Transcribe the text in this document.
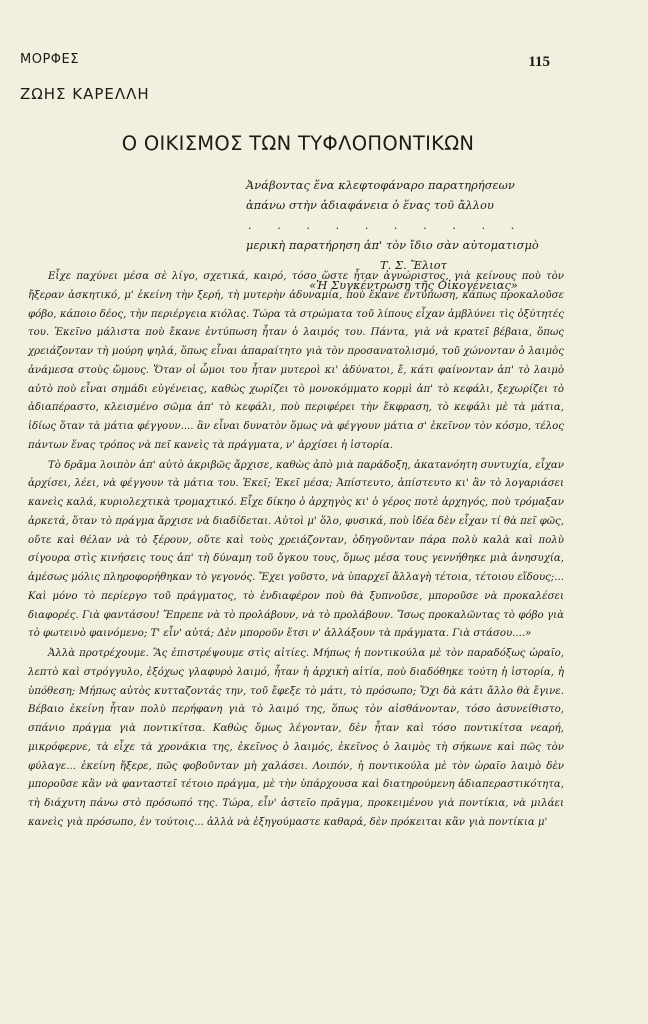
ΜΟΡΦΕΣ	115
ΖΩΗΣ ΚΑΡΕΛΛΗ
Ο ΟΙΚΙΣΜΟΣ ΤΩΝ ΤΥΦΛΟΠΟΝΤΙΚΩΝ
Ἀνάβοντας ἕνα κλεφτοφάναρο παρατηρήσεων
ἀπάνω στὴν ἀδιαφάνεια ὁ ἕνας τοῦ ἄλλου
. . . . . . . . . .
μερικὴ παρατήρηση ἀπ' τὸν ἴδιο σὰν αὐτοματισμὸ
Τ. Σ. Ἔλιοτ
«Ἡ Συγκέντρωση τῆς Οἰκογένειας»

Εἶχε παχύνει μέσα σὲ λίγο, σχετικά, καιρό, τόσο ὥστε ἦταν ἀγνώριστος, γιὰ κείνους ποὺ τὸν ἤξεραν ἀσκητικό, μ' ἐκείνη τὴν ξερή, τὴ μυτερὴν ἀδυναμία, ποὺ ἔκανε ἐντύπωση, κάπως προκαλοῦσε φόβο, κάποιο δέος, τὴν περιέργεια κιόλας. Τώρα τὰ στρώματα τοῦ λίπους εἶχαν ἀμβλύνει τὶς ὀξύτητές του. Ἐκεῖνο μάλιστα ποὺ ἔκανε ἐντύπωση ἦταν ὁ λαιμός του. Πάντα, γιὰ νὰ κρατεῖ βέβαια, ὅπως χρειάζονταν τὴ μούρη ψηλά, ὅπως εἶναι ἀπαραίτητο γιὰ τὸν προσανατολισμό, τοῦ χώνονταν ὁ λαιμὸς ἀνάμεσα στοὺς ὤμους. Ὅταν οἱ ὦμοι του ἦταν μυτεροὶ κι' ἀδύνατοι, ἔ, κάτι φαίνονταν ἀπ' τὸ λαιμὸ αὐτὸ ποὺ εἶναι σημάδι εὐγένειας, καθὼς χωρίζει τὸ μονοκόμματο κορμὶ ἀπ' τὸ κεφάλι, ξεχωρίζει τὸ ἀδιαπέραστο, κλεισμένο σῶμα ἀπ' τὸ κεφάλι, ποὺ περιφέρει τὴν ἔκφραση, τὸ κεφάλι μὲ τὰ μάτια, ἰδίως ὅταν τὰ μάτια φέγγουν.... ἂν εἶναι δυνατὸν ὅμως νὰ φέγγουν μάτια σ' ἐκεῖνον τὸν κόσμο, τέλος πάντων ἕνας τρόπος νὰ πεῖ κανεὶς τὰ πράγματα, ν' ἀρχίσει ἡ ἱστορία.

Τὸ δρᾶμα λοιπὸν ἀπ' αὐτὸ ἀκριβῶς ἄρχισε, καθὼς ἀπὸ μιὰ παράδοξη, ἀκατανόητη συντυχία, εἶχαν ἀρχίσει, λέει, νὰ φέγγουν τὰ μάτια του. Ἐκεῖ; Ἐκεῖ μέσα; Ἀπίστευτο, ἀπίστευτο κι' ἂν τὸ λογαριάσει κανεὶς καλά, κυριολεχτικὰ τρομαχτικό. Εἶχε δίκηο ὁ ἀρχηγὸς κι' ὁ γέρος ποτὲ ἀρχηγός, ποὺ τρόμαξαν ἀρκετά, ὅταν τὸ πράγμα ἄρχισε νὰ διαδίδεται. Αὐτοὶ μ' ὅλο, φυσικά, ποὺ ἰδέα δὲν εἶχαν τί θὰ πεῖ φῶς, οὔτε καὶ θέλαν νὰ τὸ ξέρουν, οὔτε καὶ τοὺς χρειάζονταν, ὁδηγοῦνταν πάρα πολὺ καλὰ καὶ πολὺ σίγουρα στὶς κινήσεις τους ἀπ' τὴ δύναμη τοῦ ὄγκου τους, ὅμως μέσα τους γεννήθηκε μιὰ ἀνησυχία, ἀμέσως μόλις πληροφορήθηκαν τὸ γεγονός. Ἔχει γοῦστο, νὰ ὑπαρχεῖ ἄλλαγὴ τέτοια, τέτοιου εἴδους;... Καὶ μόνο τὸ περίεργο τοῦ πράγματος, τὸ ἐνδιαφέρον ποὺ θὰ ξυπνοῦσε, μποροῦσε νὰ προκαλέσει διαφορές. Γιὰ φαντάσου! Ἔπρεπε νὰ τὸ προλάβουν, νὰ τὸ προλάβουν. Ἴσως προκαλῶντας τὸ φόβο γιὰ τὸ φωτεινὸ φαινόμενο; Τ' εἶν' αὐτά; Δὲν μποροῦν ἔτσι ν' ἀλλάξουν τὰ πράγματα. Γιὰ στάσου....»

Ἀλλὰ προτρέχουμε. Ἂς ἐπιστρέψουμε στὶς αἰτίες. Μήπως ἡ ποντικούλα μὲ τὸν παραδόξως ὡραῖο, λεπτὸ καὶ στρόγγυλο, ἐξόχως γλαφυρὸ λαιμό, ἦταν ἡ ἀρχικὴ αἰτία, ποὺ διαδόθηκε τούτη ἡ ἱστορία, ἡ ὑπόθεση; Μήπως αὐτὸς κυτταζοντάς την, τοῦ ἔφεξε τὸ μάτι, τὸ πρόσωπο; Ὄχι δὰ κάτι ἄλλο θὰ ἔγινε. Βέβαιο ἐκείνη ἦταν πολὺ περήφανη γιὰ τὸ λαιμό της, ὅπως τὸν αἰσθάνονταν, τόσο ἀσυνείθιστο, σπάνιο πράγμα γιὰ ποντικίτσα. Καθὼς ὅμως λέγονταν, δὲν ἦταν καὶ τόσο ποντικίτσα νεαρή, μικρόφερνε, τὰ εἶχε τὰ χρονάκια της, ἐκεῖνος ὁ λαιμός, ἐκεῖνος ὁ λαιμὸς τὴ σήκωνε καὶ πῶς τὸν φύλαγε... ἐκείνη ἤξερε, πῶς φοβοῦνταν μὴ χαλάσει. Λοιπόν, ἡ ποντικούλα μὲ τὸν ὡραῖο λαιμὸ δὲν μποροῦσε κἂν νὰ φανταστεῖ τέτοιο πράγμα, μὲ τὴν ὑπάρχουσα καὶ διατηρούμενη ἀδιαπεραστικότητα, τὴ διάχυτη πάνω στὸ πρόσωπό της. Τώρα, εἶν' ἀστεῖο πρᾶγμα, προκειμένου γιὰ ποντίκια, νὰ μιλάει κανεὶς γιὰ πρόσωπο, ἐν τούτοις... ἀλλὰ νὰ ἐξηγούμαστε καθαρά, δὲν πρόκειται κἂν γιὰ ποντίκια μ'
